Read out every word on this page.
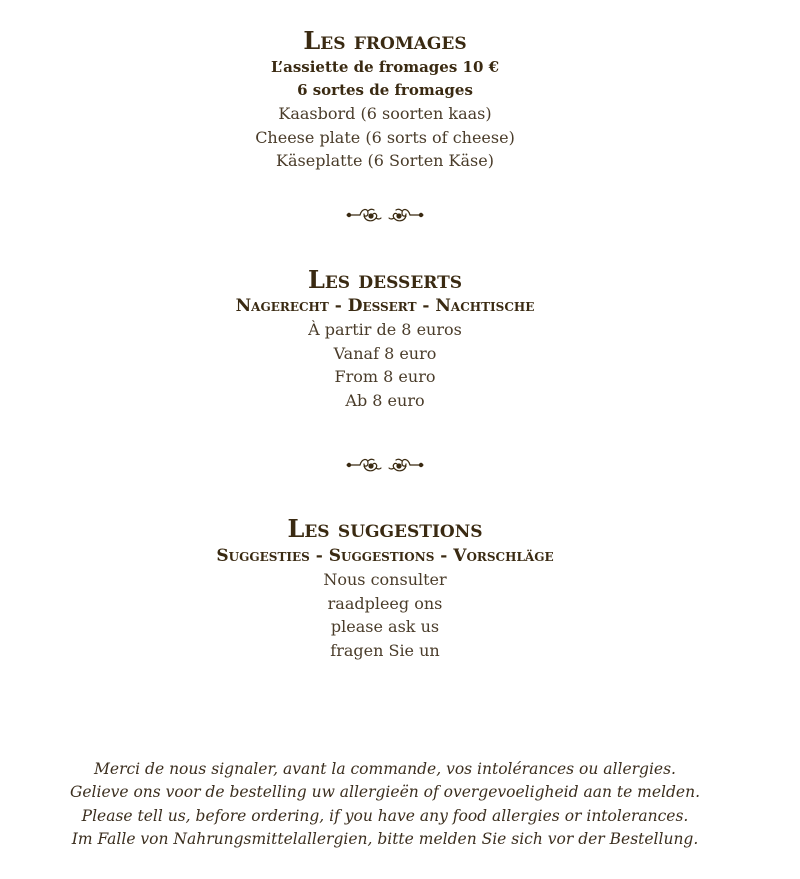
Les fromages
L’assiette de fromages 10 €
6 sortes de fromages
Kaasbord (6 soorten kaas)
Cheese plate (6 sorts of cheese)
Käseplatte (6 Sorten Käse)
Les desserts
Nagerecht - Dessert - Nachtische
À partir de 8 euros
Vanaf 8 euro
From 8 euro
Ab 8 euro
Les suggestions
Suggesties - Suggestions - Vorschläge
Nous consulter
raadpleeg ons
please ask us
fragen Sie un
Merci de nous signaler, avant la commande, vos intolérances ou allergies.
Gelieve ons voor de bestelling uw allergieën of overgevoeligheid aan te melden.
Please tell us, before ordering, if you have any food allergies or intolerances.
Im Falle von Nahrungsmittelallergien, bitte melden Sie sich vor der Bestellung.
